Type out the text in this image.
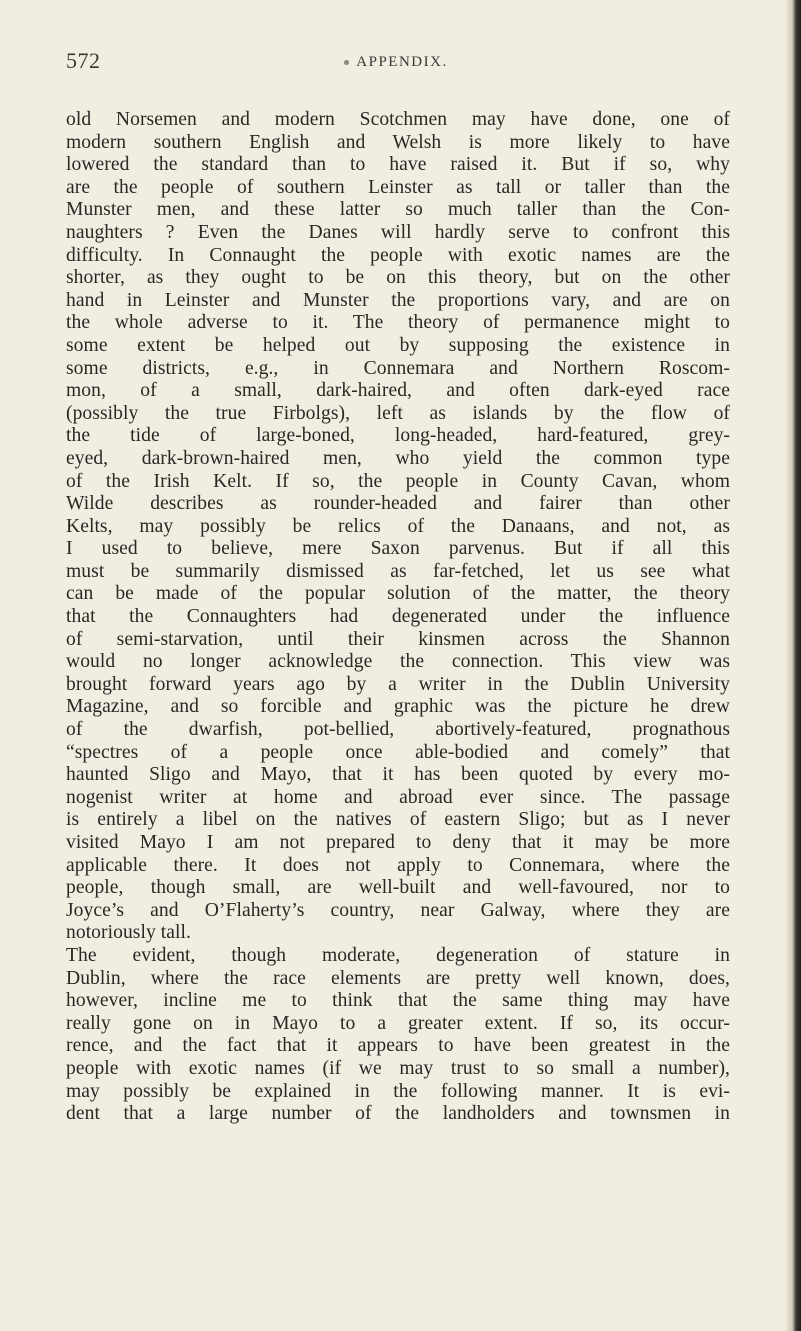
572	APPENDIX.
old Norsemen and modern Scotchmen may have done, one of
modern southern English and Welsh is more likely to have
lowered the standard than to have raised it. But if so, why
are the people of southern Leinster as tall or taller than the
Munster men, and these latter so much taller than the Con-
naughters ? Even the Danes will hardly serve to confront this
difficulty. In Connaught the people with exotic names are the
shorter, as they ought to be on this theory, but on the other
hand in Leinster and Munster the proportions vary, and are on
the whole adverse to it. The theory of permanence might to
some extent be helped out by supposing the existence in
some districts, e.g., in Connemara and Northern Roscom-
mon, of a small, dark-haired, and often dark-eyed race
(possibly the true Firbolgs), left as islands by the flow of
the tide of large-boned, long-headed, hard-featured, grey-
eyed, dark-brown-haired men, who yield the common type
of the Irish Kelt. If so, the people in County Cavan, whom
Wilde describes as rounder-headed and fairer than other
Kelts, may possibly be relics of the Danaans, and not, as
I used to believe, mere Saxon parvenus. But if all this
must be summarily dismissed as far-fetched, let us see what
can be made of the popular solution of the matter, the theory
that the Connaughters had degenerated under the influence
of semi-starvation, until their kinsmen across the Shannon
would no longer acknowledge the connection. This view was
brought forward years ago by a writer in the Dublin University
Magazine, and so forcible and graphic was the picture he drew
of the dwarfish, pot-bellied, abortively-featured, prognathous
“spectres of a people once able-bodied and comely” that
haunted Sligo and Mayo, that it has been quoted by every mo-
nogenist writer at home and abroad ever since. The passage
is entirely a libel on the natives of eastern Sligo; but as I never
visited Mayo I am not prepared to deny that it may be more
applicable there. It does not apply to Connemara, where the
people, though small, are well-built and well-favoured, nor to
Joyce’s and O’Flaherty’s country, near Galway, where they are
notoriously tall.
The evident, though moderate, degeneration of stature in
Dublin, where the race elements are pretty well known, does,
however, incline me to think that the same thing may have
really gone on in Mayo to a greater extent. If so, its occur-
rence, and the fact that it appears to have been greatest in the
people with exotic names (if we may trust to so small a number),
may possibly be explained in the following manner. It is evi-
dent that a large number of the landholders and townsmen in
